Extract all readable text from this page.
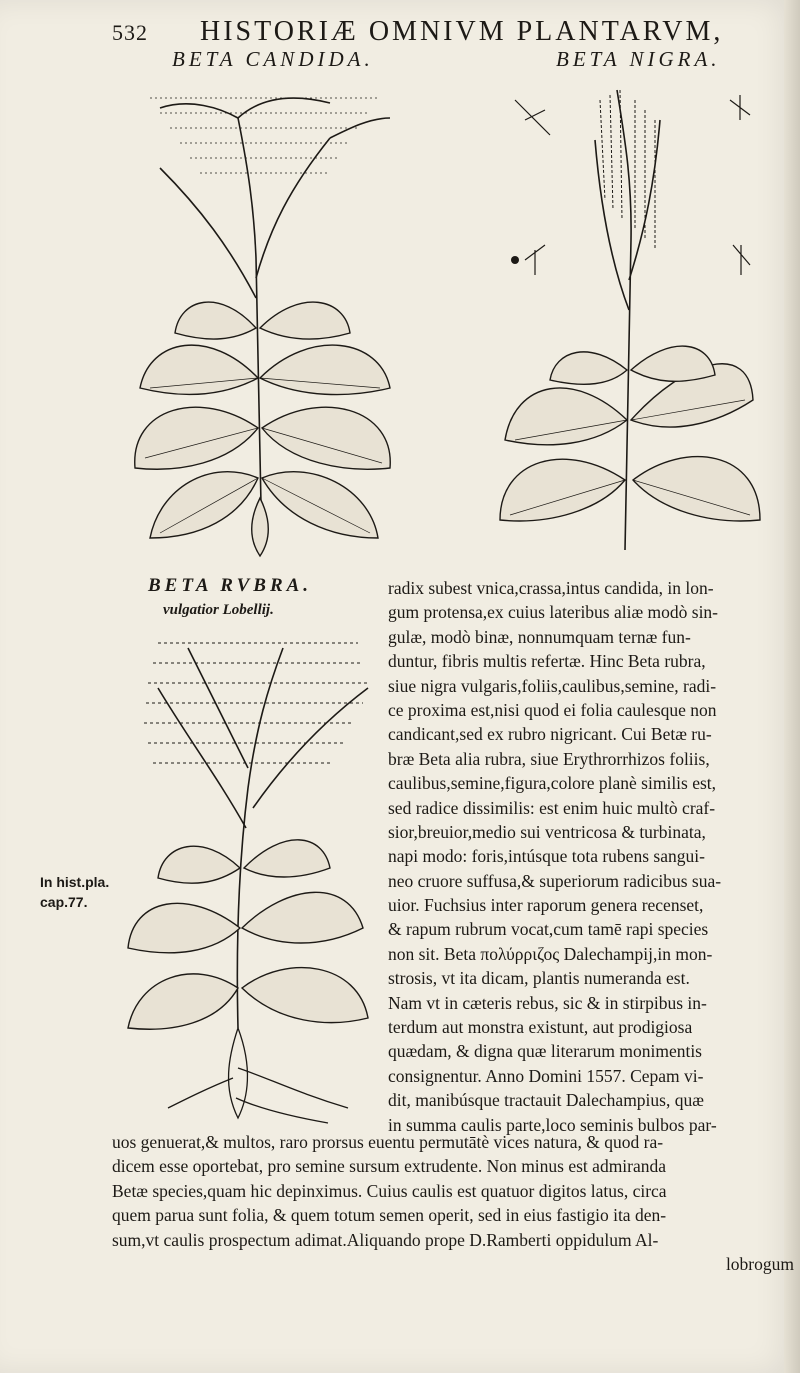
532 HISTORIÆ OMNIVM PLANTARVM,
BETA CANDIDA.	BETA NIGRA.
BETA RVBRA.
vulgatior Lobellij.
In hist.pla.
cap.77.
radix subest vnica,crassa,intus candida, in lon-
gum protensa,ex cuius lateribus aliæ modò sin-
gulæ, modò binæ, nonnumquam ternæ fun-
duntur, fibris multis refertæ. Hinc Beta rubra,
siue nigra vulgaris,foliis,caulibus,semine, radi-
ce proxima est,nisi quod ei folia caulesque non
candicant,sed ex rubro nigricant. Cui Betæ ru-
bræ Beta alia rubra, siue Erythrorrhizos foliis,
caulibus,semine,figura,colore planè similis est,
sed radice dissimilis: est enim huic multò craf-
sior,breuior,medio sui ventricosa & turbinata,
napi modo: foris,intúsque tota rubens sangui-
neo cruore suffusa,& superiorum radicibus sua-
uior. Fuchsius inter raporum genera recenset,
& rapum rubrum vocat,cum tamē rapi species
non sit. Beta πολύρριζος Dalechampij,in mon-
strosis, vt ita dicam, plantis numeranda est.
Nam vt in cæteris rebus, sic & in stirpibus in-
terdum aut monstra existunt, aut prodigiosa
quædam, & digna quæ literarum monimentis
consignentur. Anno Domini 1557. Cepam vi-
dit, manibúsque tractauit Dalechampius, quæ
in summa caulis parte,loco seminis bulbos par-
uos genuerat,& multos, raro prorsus euentu permutātè vices natura, & quod ra-
dicem esse oportebat, pro semine sursum extrudente. Non minus est admiranda
Betæ species,quam hic depinximus. Cuius caulis est quatuor digitos latus, circa
quem parua sunt folia, & quem totum semen operit, sed in eius fastigio ita den-
sum,vt caulis prospectum adimat.Aliquando prope D.Ramberti oppidulum Al-
lobrogum
